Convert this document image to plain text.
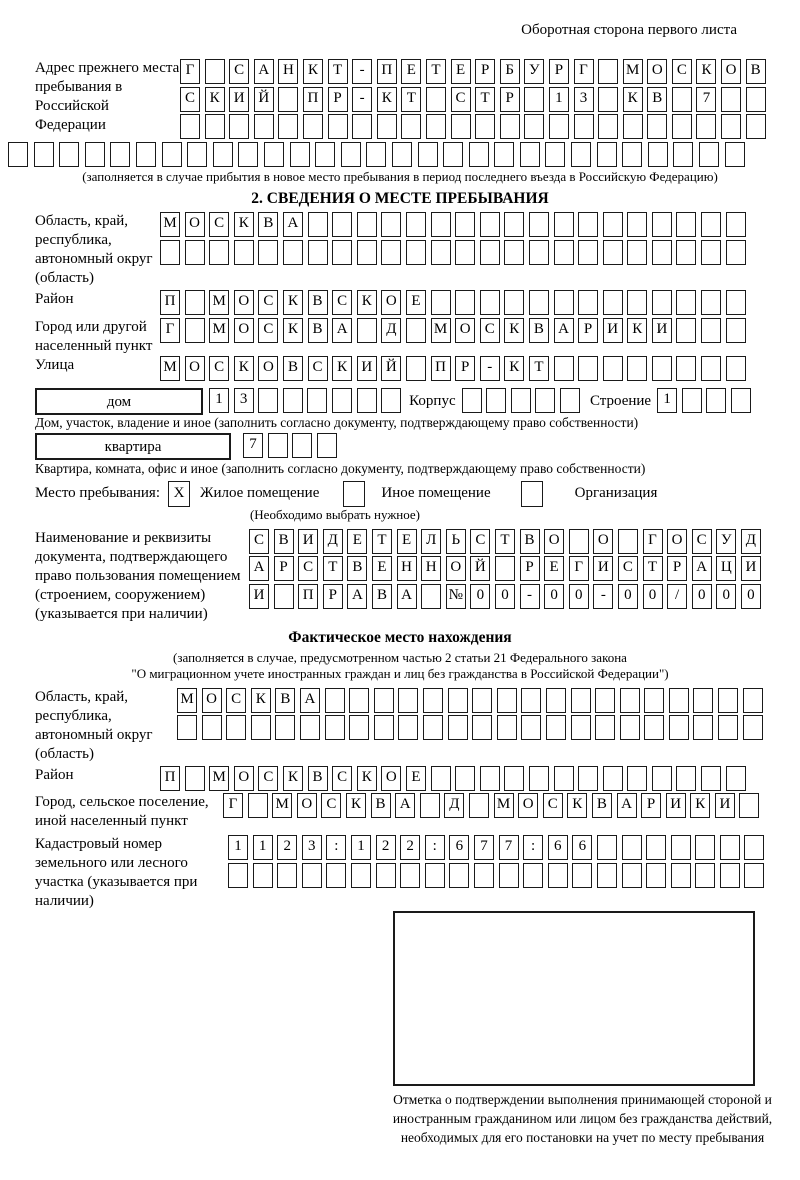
Оборотная сторона первого листа
Адрес прежнего места пребывания в Российской Федерации
Г	С А Н К	Т	-	П Е	Т	Е	Р	Б У	Р	Г	М О С К О В
С К И Й	П	Р	-	К	Т	С	Т	Р	1	3	К В	7
(заполняется в случае прибытия в новое место пребывания в период последнего въезда в Российскую Федерацию)
2. СВЕДЕНИЯ О МЕСТЕ ПРЕБЫВАНИЯ
Область, край, республика, автономный округ (область)
М О С К В А
Район	П	М О С К В С К О Е
Город или другой населенный пункт
Г	М О С К В А	Д	М О С К В А	Р	И К И
Улица	М О С К О В С К И Й	П	Р	-	К	Т
дом	1	3	Корпус	Строение 1
Дом, участок, владение и иное (заполнить согласно документу, подтверждающему право собственности)
квартира	7
Квартира, комната, офис и иное (заполнить согласно документу, подтверждающему право собственности)
Место пребывания: X	Жилое помещение	Иное помещение	Организация
(Необходимо выбрать нужное)
Наименование и реквизиты документа, подтверждающего право пользования помещением (строением, сооружением) (указывается при наличии)
С В И Д Е	Т	Е Л	Ь	С	Т	В О	О	Г О С У Д
А	Р	С	Т	В	Е Н Н О Й	Р	Е	Г И С	Т	Р	А Ц И
И	П	Р	А В А	№ 0	0	-	0	0	-	0	0	/	0	0	0
Фактическое место нахождения
(заполняется в случае, предусмотренном частью 2 статьи 21 Федерального закона
"О миграционном учете иностранных граждан и лиц без гражданства в Российской Федерации")
Область, край, республика, автономный округ (область)
М О С К В А
Район	П	М О С К В С К О Е
Город, сельское поселение, иной населенный пункт
Г	М О С К В А	Д	М О С К В А	Р	И К И
Кадастровый номер земельного или лесного участка (указывается при наличии)
1	1	2	3	:	1	2	2	:	6	7	7	:	6	6
Отметка о подтверждении выполнения принимающей стороной и иностранным гражданином или лицом без гражданства действий, необходимых для его постановки на учет по месту пребывания
